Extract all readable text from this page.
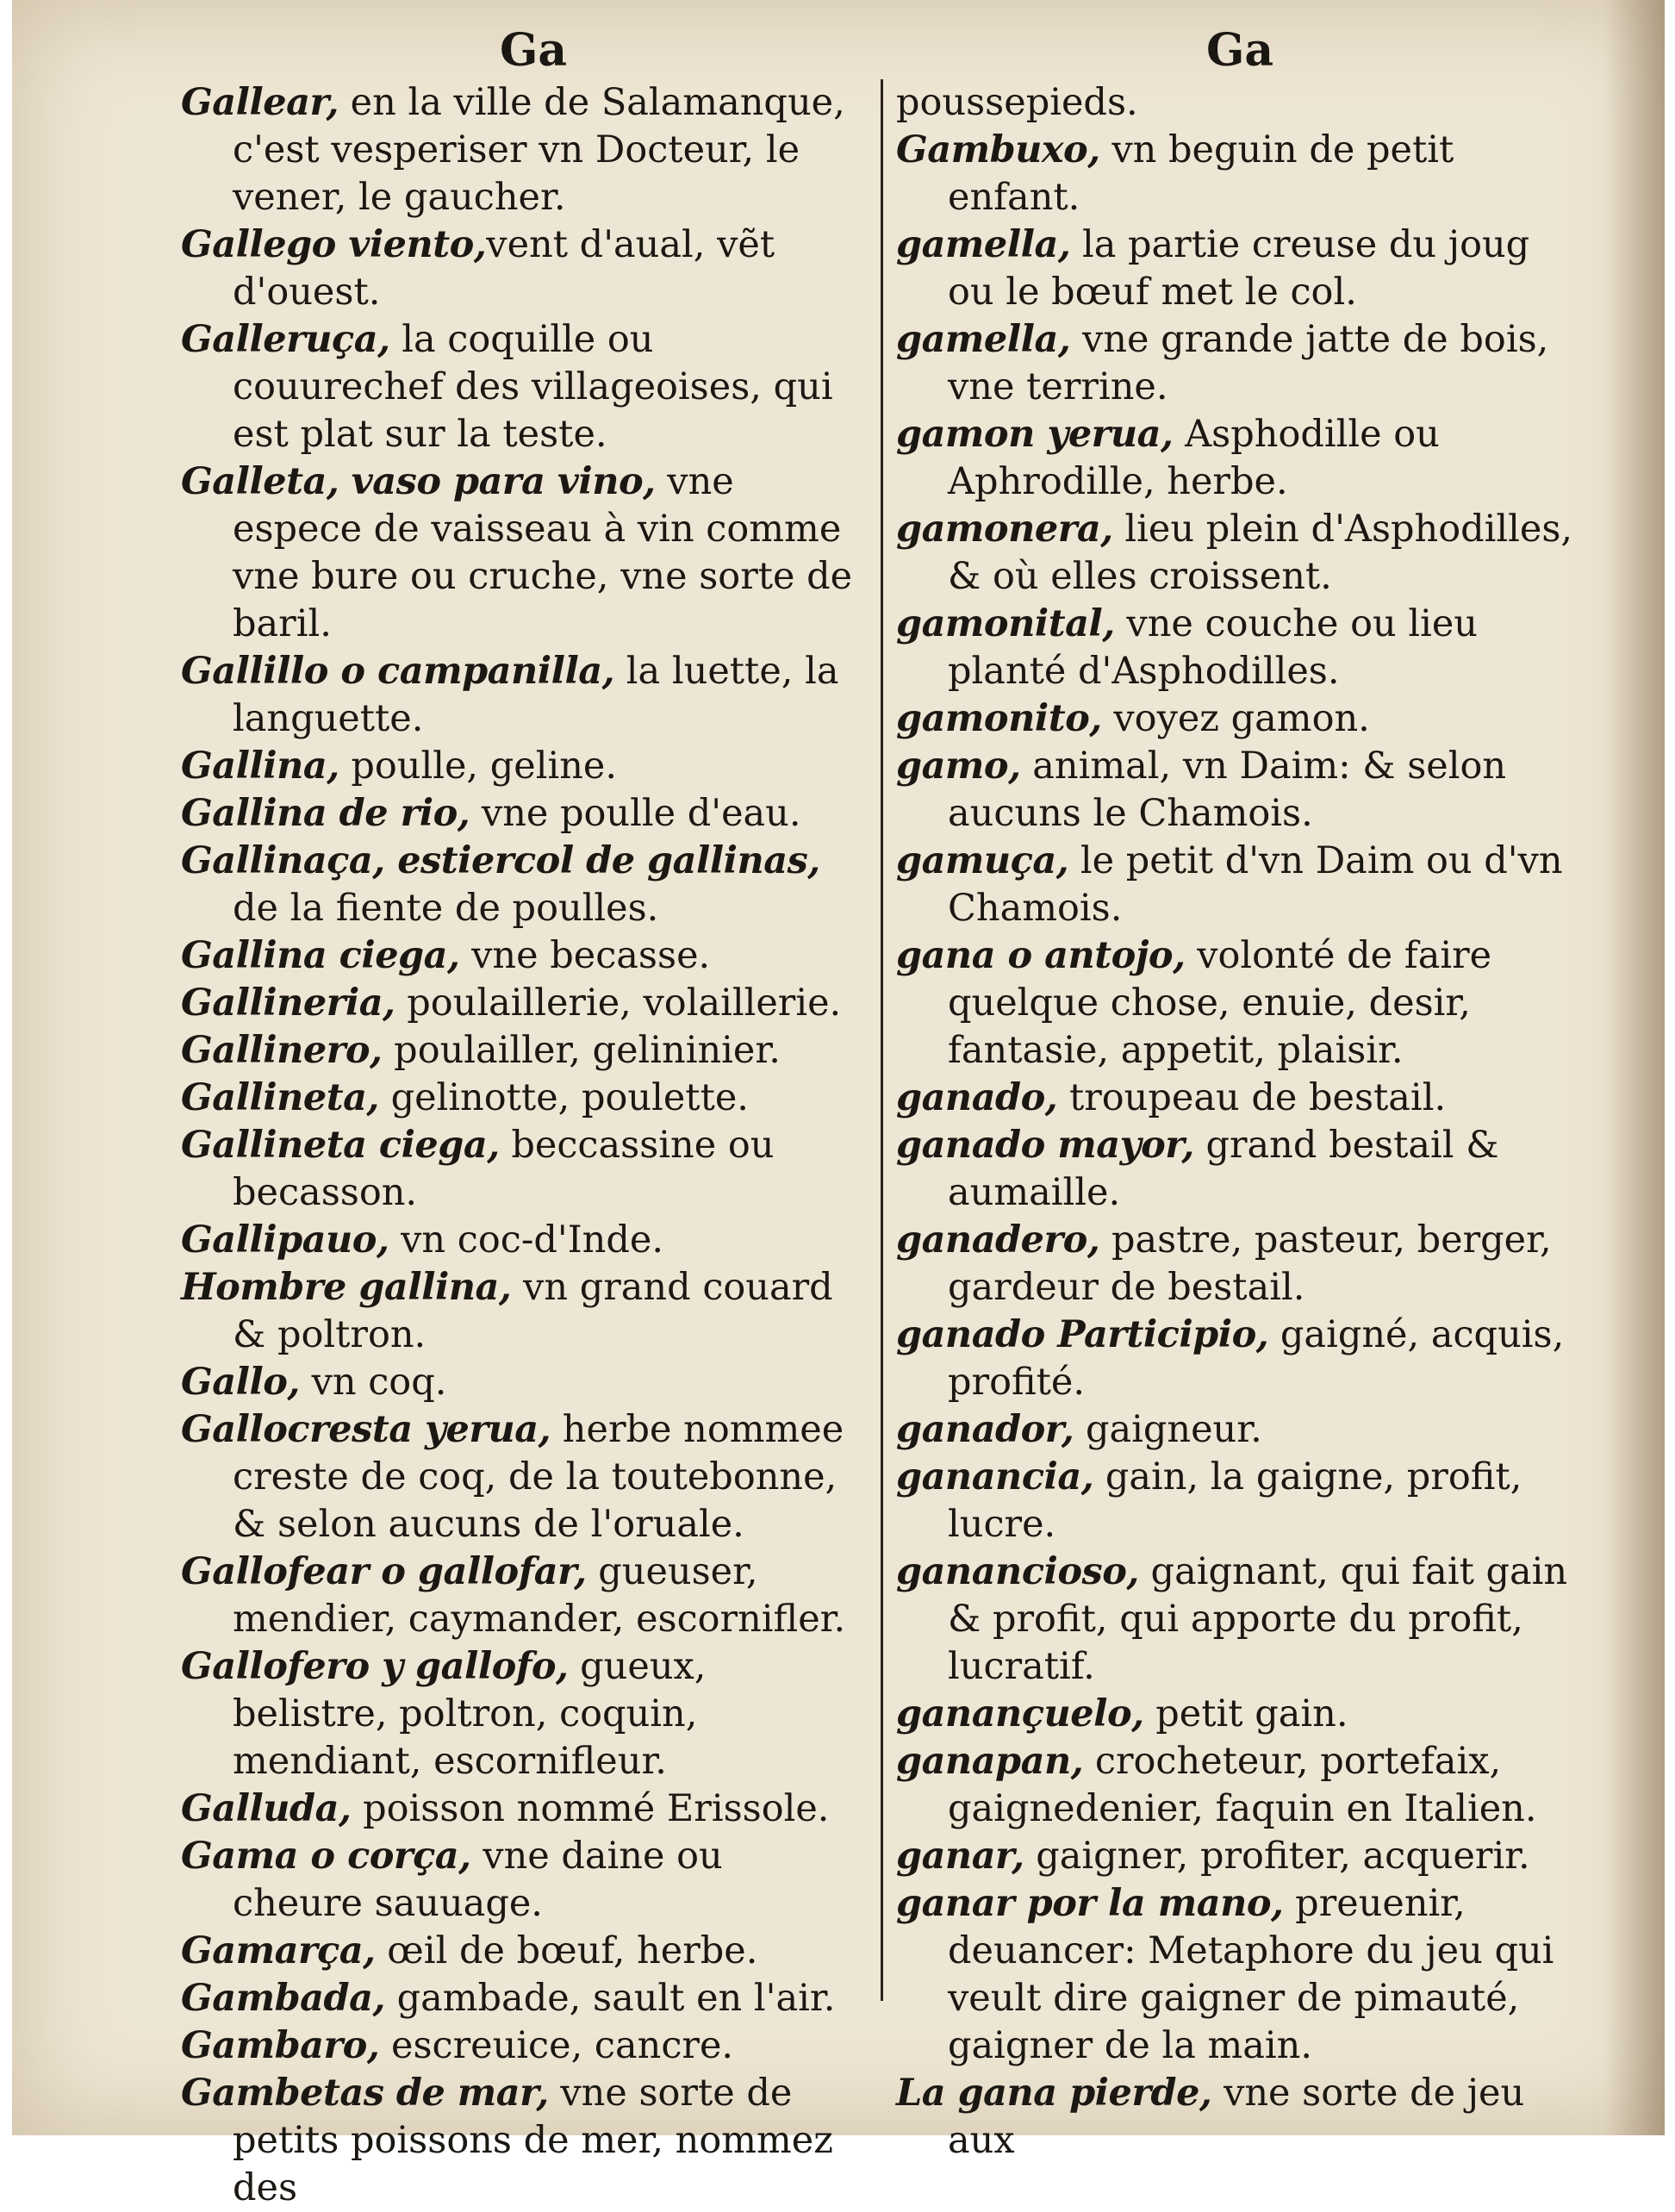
Ga	Ga

Gallear, en la ville de Salamanque, c'est vesperiser vn Docteur, le vener, le gaucher.

Gallego viento,vent d'aual, vẽt d'ouest.

Galleruça, la coquille ou couurechef des villageoises, qui est plat sur la teste.

Galleta, vaso para vino, vne espece de vaisseau à vin comme vne bure ou cruche, vne sorte de baril.

Gallillo o campanilla, la luette, la languette.

Gallina, poulle, geline.

Gallina de rio, vne poulle d'eau.

Gallinaça, estiercol de gallinas, de la fiente de poulles.

Gallina ciega, vne becasse.

Gallineria, poulaillerie, volaillerie.

Gallinero, poulailler, gelininier.

Gallineta, gelinotte, poulette.

Gallineta ciega, beccassine ou becasson.

Gallipauo, vn coc-d'Inde.

Hombre gallina, vn grand couard & poltron.

Gallo, vn coq.

Gallocresta yerua, herbe nommee creste de coq, de la toutebonne, & selon aucuns de l'oruale.

Gallofear o gallofar, gueuser, mendier, caymander, escornifler.

Gallofero y gallofo, gueux, belistre, poltron, coquin, mendiant, escornifleur.

Galluda, poisson nommé Erissole.

Gama o corça, vne daine ou cheure sauuage.

Gamarça, œil de bœuf, herbe.

Gambada, gambade, sault en l'air.

Gambaro, escreuice, cancre.

Gambetas de mar, vne sorte de petits poissons de mer, nommez des

poussepieds.

Gambuxo, vn beguin de petit enfant.

gamella, la partie creuse du joug ou le bœuf met le col.

gamella, vne grande jatte de bois, vne terrine.

gamon yerua, Asphodille ou Aphrodille, herbe.

gamonera, lieu plein d'Asphodilles, & où elles croissent.

gamonital, vne couche ou lieu planté d'Asphodilles.

gamonito, voyez gamon.

gamo, animal, vn Daim: & selon aucuns le Chamois.

gamuça, le petit d'vn Daim ou d'vn Chamois.

gana o antojo, volonté de faire quelque chose, enuie, desir, fantasie, appetit, plaisir.

ganado, troupeau de bestail.

ganado mayor, grand bestail & aumaille.

ganadero, pastre, pasteur, berger, gardeur de bestail.

ganado Participio, gaigné, acquis, profité.

ganador, gaigneur.

ganancia, gain, la gaigne, profit, lucre.

ganancioso, gaignant, qui fait gain & profit, qui apporte du profit, lucratif.

ganançuelo, petit gain.

ganapan, crocheteur, portefaix, gaignedenier, faquin en Italien.

ganar, gaigner, profiter, acquerir.

ganar por la mano, preuenir, deuancer: Metaphore du jeu qui veult dire gaigner de pimauté, gaigner de la main.

La gana pierde, vne sorte de jeu aux
